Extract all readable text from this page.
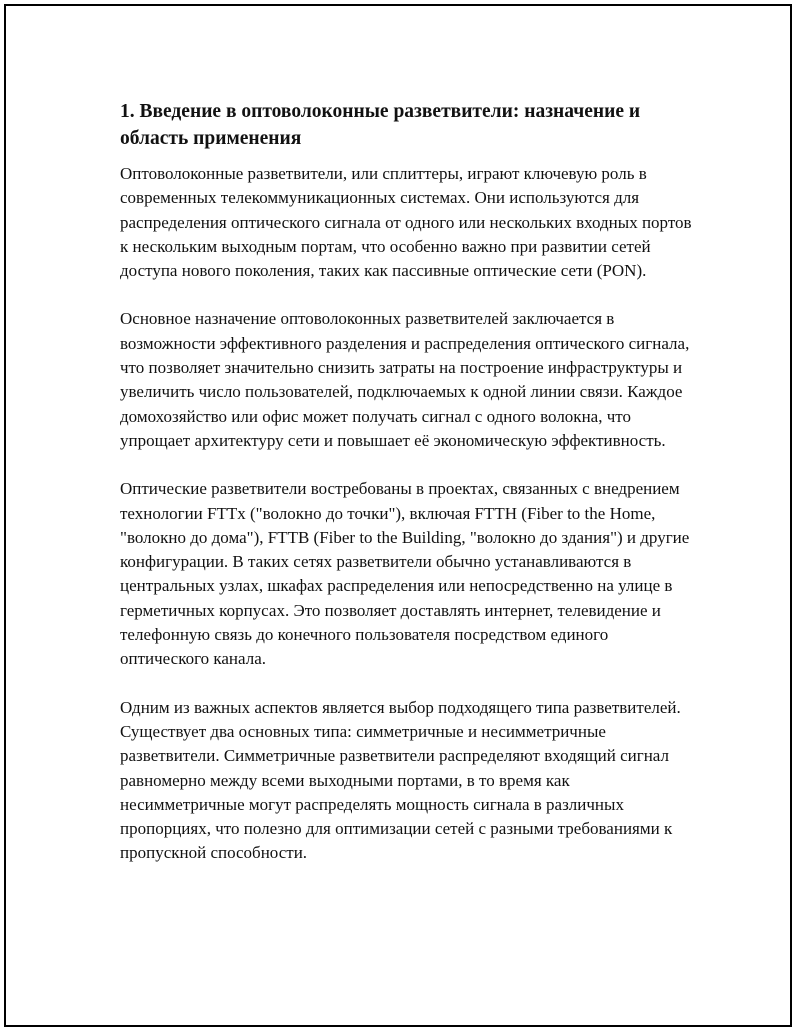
1. Введение в оптоволоконные разветвители: назначение и область применения

Оптоволоконные разветвители, или сплиттеры, играют ключевую роль в современных телекоммуникационных системах. Они используются для распределения оптического сигнала от одного или нескольких входных портов к нескольким выходным портам, что особенно важно при развитии сетей доступа нового поколения, таких как пассивные оптические сети (PON).

Основное назначение оптоволоконных разветвителей заключается в возможности эффективного разделения и распределения оптического сигнала, что позволяет значительно снизить затраты на построение инфраструктуры и увеличить число пользователей, подключаемых к одной линии связи. Каждое домохозяйство или офис может получать сигнал с одного волокна, что упрощает архитектуру сети и повышает её экономическую эффективность.

Оптические разветвители востребованы в проектах, связанных с внедрением технологии FTTx ("волокно до точки"), включая FTTH (Fiber to the Home, "волокно до дома"), FTTB (Fiber to the Building, "волокно до здания") и другие конфигурации. В таких сетях разветвители обычно устанавливаются в центральных узлах, шкафах распределения или непосредственно на улице в герметичных корпусах. Это позволяет доставлять интернет, телевидение и телефонную связь до конечного пользователя посредством единого оптического канала.

Одним из важных аспектов является выбор подходящего типа разветвителей. Существует два основных типа: симметричные и несимметричные разветвители. Симметричные разветвители распределяют входящий сигнал равномерно между всеми выходными портами, в то время как несимметричные могут распределять мощность сигнала в различных пропорциях, что полезно для оптимизации сетей с разными требованиями к пропускной способности.
